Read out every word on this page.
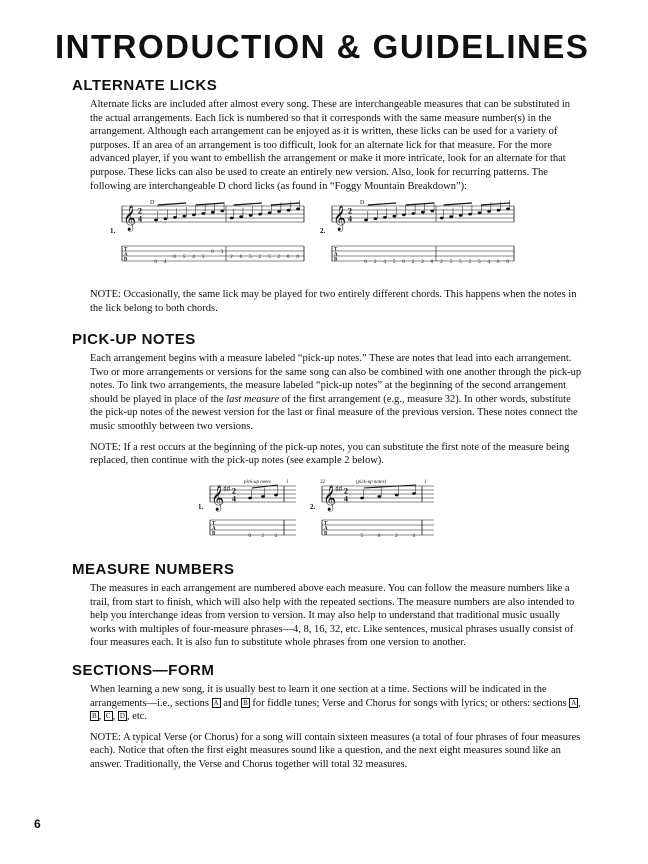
INTRODUCTION & GUIDELINES
ALTERNATE LICKS

Alternate licks are included after almost every song. These are interchangeable measures that can be substituted in the actual arrangements. Each lick is numbered so that it corresponds with the same measure number(s) in the arrangement. Although each arrangement can be enjoyed as it is written, these licks can be used for a variety of purposes. If an area of an arrangement is too difficult, look for an alternate lick for that measure. For the more advanced player, if you want to embellish the arrangement or make it more intricate, look for an alternate for that purpose. These licks can also be used to create an entirely new version. Also, look for recurring patterns. The following are interchangeable D chord licks (as found in “Foggy Mountain Breakdown”):

𝄞 2
4
D
T
A
B
1.
0 4
0 5 4 5
0 3
2 0 5 2 5 2 0 0
𝄞 2
4
D
T
A
B
2.
0 2 4 5 0 2 2 0 2 5 5 2 5 4 0 0

NOTE: Occasionally, the same lick may be played for two entirely different chords. This happens when the notes in the lick belong to both chords.

PICK-UP NOTES

Each arrangement begins with a measure labeled “pick-up notes.” These are notes that lead into each arrangement. Two or more arrangements or versions for the same song can also be combined with one another through the pick-up notes. To link two arrangements, the measure labeled “pick-up notes” at the beginning of the second arrangement should be played in place of the last measure of the first arrangement (e.g., measure 32). In other words, substitute the pick-up notes of the newest version for the last or final measure of the previous version. These notes connect the music smoothly between two versions.

NOTE: If a rest occurs at the beginning of the pick-up notes, you can substitute the first note of the measure being replaced, then continue with the pick-up notes (see example 2 below).

𝄞
♯♯ 2
4
pick-up notes	1
T
A
B
1.
0 2 4
𝄞
♯♯ 2
4
(pick-up notes)
32	1
T
A
B
2.
5	0	2	4
MEASURE NUMBERS

The measures in each arrangement are numbered above each measure. You can follow the measure numbers like a trail, from start to finish, which will also help with the repeated sections. The measure numbers are also intended to help you interchange ideas from version to version. It may also help to understand that traditional music usually works with multiples of four-measure phrases—4, 8, 16, 32, etc. Like sentences, musical phrases usually consist of four measures each. It is also fun to substitute whole phrases from one version to another.

SECTIONS—FORM

When learning a new song, it is usually best to learn it one section at a time. Sections will be indicated in the arrangements—i.e., sections A and B for fiddle tunes; Verse and Chorus for songs with lyrics; or others: sections A , B , C , D , etc.

NOTE: A typical Verse (or Chorus) for a song will contain sixteen measures (a total of four phrases of four measures each). Notice that often the first eight measures sound like a question, and the next eight measures sound like an answer. Traditionally, the Verse and Chorus together will total 32 measures.

6
